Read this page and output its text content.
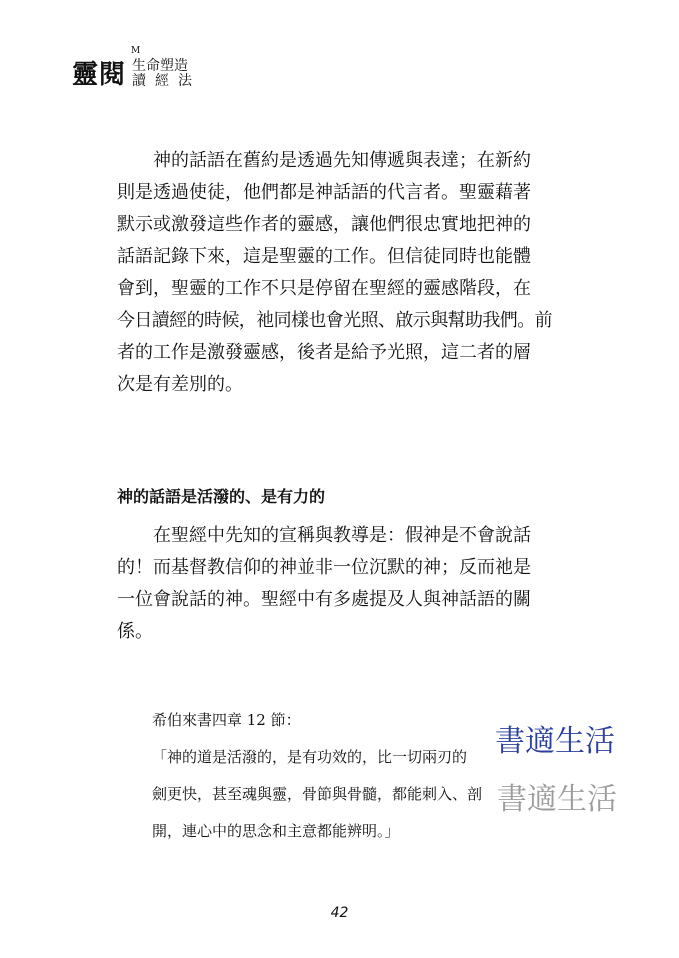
靈閱
M
生命塑造
讀經法
神的話語在舊約是透過先知傳遞與表達；在新約
則是透過使徒，他們都是神話語的代言者。聖靈藉著
默示或激發這些作者的靈感，讓他們很忠實地把神的
話語記錄下來，這是聖靈的工作。但信徒同時也能體
會到，聖靈的工作不只是停留在聖經的靈感階段，在
今日讀經的時候，祂同樣也會光照、啟示與幫助我們。前
者的工作是激發靈感，後者是給予光照，這二者的層
次是有差別的。
神的話語是活潑的、是有力的
在聖經中先知的宣稱與教導是：假神是不會說話
的！而基督教信仰的神並非一位沉默的神；反而祂是
一位會說話的神。聖經中有多處提及人與神話語的關
係。
希伯來書四章 12 節：
「神的道是活潑的，是有功效的，比一切兩刃的
劍更快，甚至魂與靈，骨節與骨髓，都能刺入、剖
開，連心中的思念和主意都能辨明。」
書適生活
書適生活
42
